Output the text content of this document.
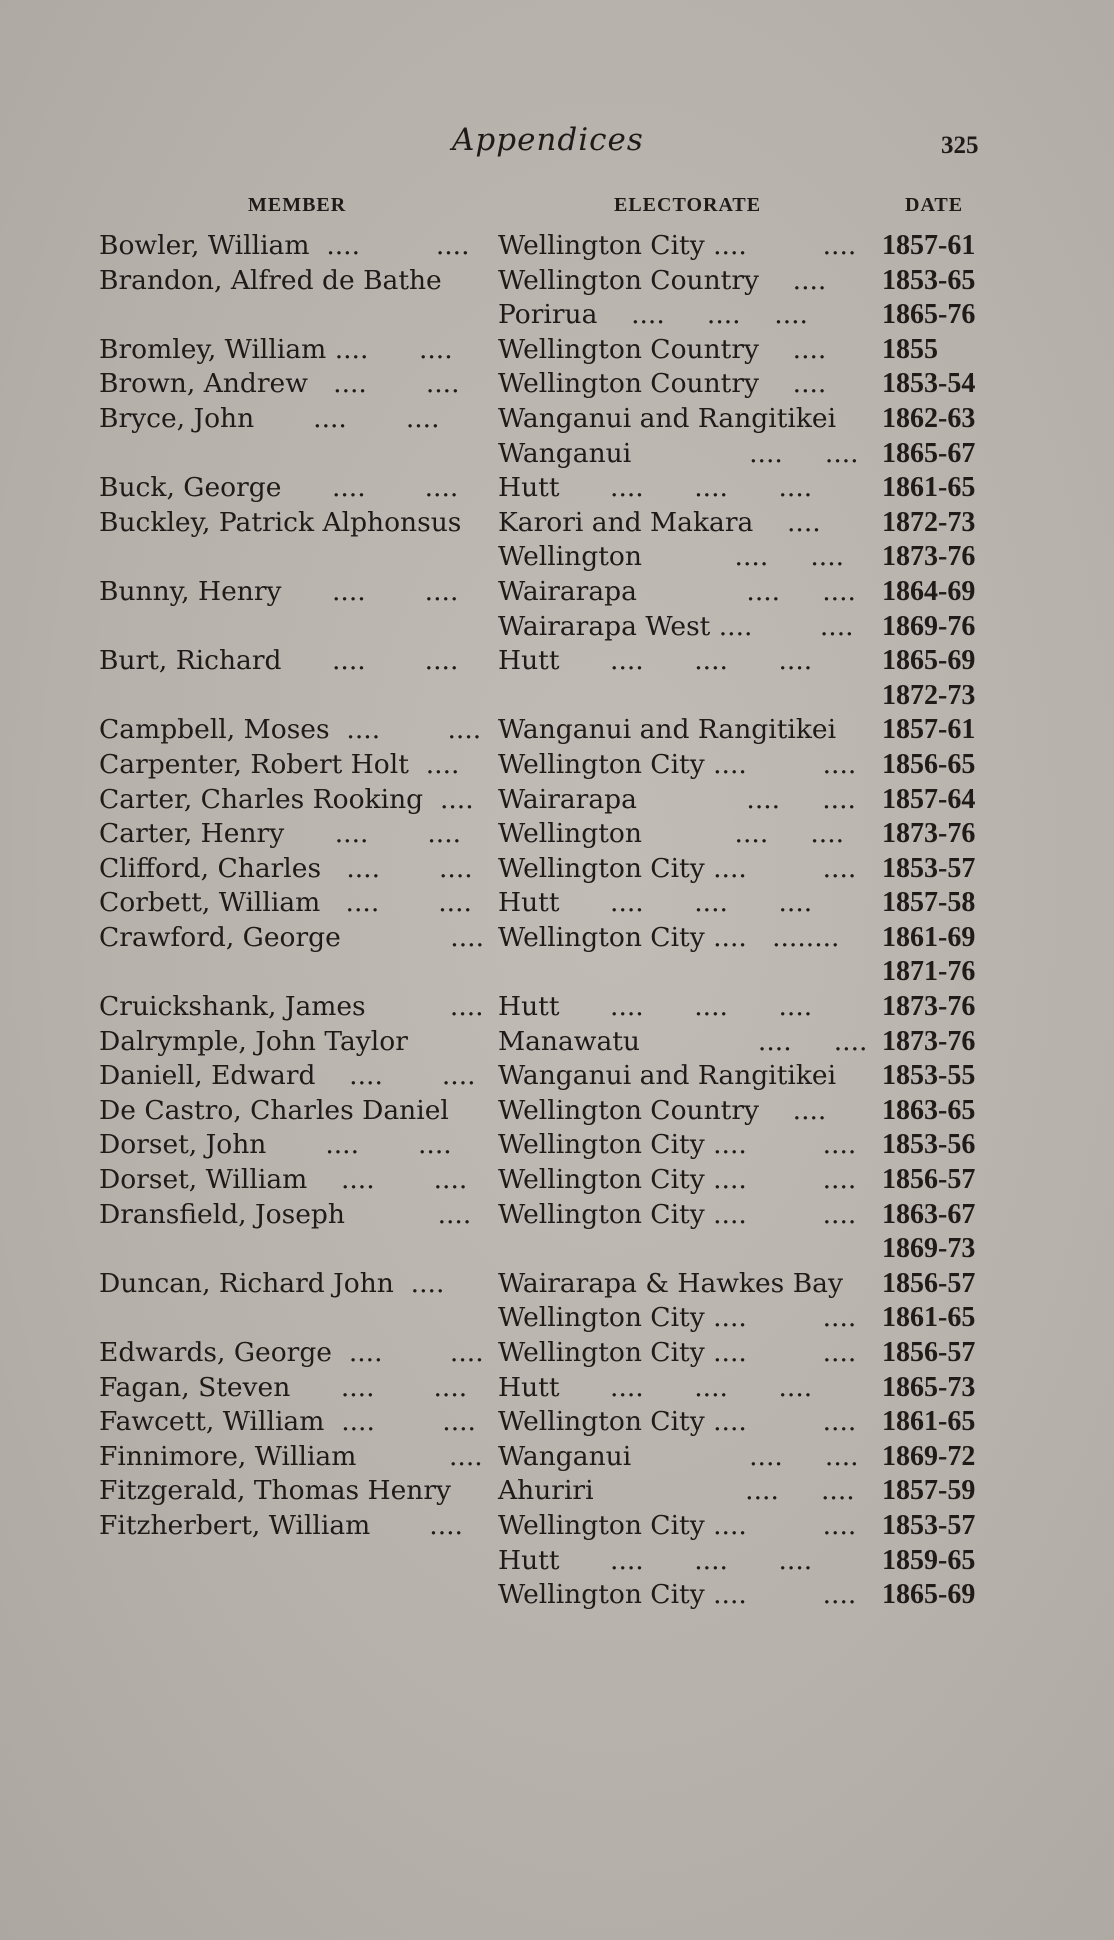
Appendices	325
MEMBER	ELECTORATE	DATE
Bowler, William  ....         .... Wellington City ....         .... 1857-61
Brandon, Alfred de Bathe Wellington Country    .... 1853-65
Porirua    ....     ....    ....	1865-76
Bromley, William ....      .... Wellington Country    .... 1855
Brown, Andrew   ....       .... Wellington Country    .... 1853-54
Bryce, John       ....       .... Wanganui and Rangitikei 1862-63
Wanganui              ....     .... 1865-67
Buck, George      ....       .... Hutt      ....      ....      .... 1861-65
Buckley, Patrick Alphonsus Karori and Makara    .... 1872-73
Wellington           ....     .... 1873-76
Bunny, Henry      ....       .... Wairarapa             ....     .... 1864-69
Wairarapa West ....        .... 1869-76
Burt, Richard      ....       .... Hutt      ....      ....      .... 1865-69
1872-73
Campbell, Moses  ....        .... Wanganui and Rangitikei 1857-61
Carpenter, Robert Holt  .... Wellington City ....         .... 1856-65
Carter, Charles Rooking  .... Wairarapa             ....     .... 1857-64
Carter, Henry      ....       .... Wellington           ....     .... 1873-76
Clifford, Charles   ....       .... Wellington City ....         .... 1853-57
Corbett, William   ....       .... Hutt      ....      ....      .... 1857-58
Crawford, George             .... Wellington City ....   ........ 1861-69
1871-76
Cruickshank, James          .... Hutt      ....      ....      .... 1873-76
Dalrymple, John Taylor	Manawatu              ....     .... 1873-76
Daniell, Edward    ....       .... Wanganui and Rangitikei 1853-55
De Castro, Charles Daniel Wellington Country    .... 1863-65
Dorset, John       ....       .... Wellington City ....         .... 1853-56
Dorset, William    ....       .... Wellington City ....         .... 1856-57
Dransfield, Joseph           .... Wellington City ....         .... 1863-67
1869-73
Duncan, Richard John  .... Wairarapa & Hawkes Bay 1856-57
Wellington City ....         .... 1861-65
Edwards, George  ....        .... Wellington City ....         .... 1856-57
Fagan, Steven      ....       .... Hutt      ....      ....      .... 1865-73
Fawcett, William  ....        .... Wellington City ....         .... 1861-65
Finnimore, William           .... Wanganui              ....     .... 1869-72
Fitzgerald, Thomas Henry Ahuriri                  ....     .... 1857-59
Fitzherbert, William       .... Wellington City ....         .... 1853-57
Hutt      ....      ....      .... 1859-65
Wellington City ....         .... 1865-69
